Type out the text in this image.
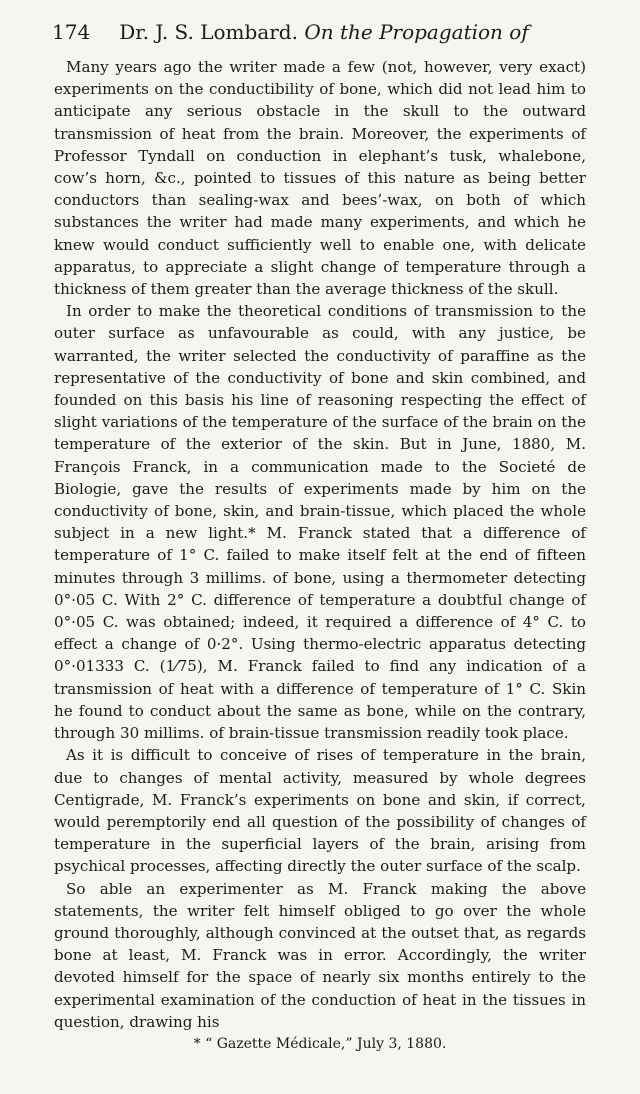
174	Dr. J. S. Lombard. On the Propagation of

Many years ago the writer made a few (not, however, very exact) experiments on the conductibility of bone, which did not lead him to anticipate any serious obstacle in the skull to the outward transmission of heat from the brain. Moreover, the experiments of Professor Tyndall on conduction in elephant’s tusk, whalebone, cow’s horn, &c., pointed to tissues of this nature as being better conductors than sealing-wax and bees’-wax, on both of which substances the writer had made many experiments, and which he knew would conduct sufficiently well to enable one, with delicate apparatus, to appreciate a slight change of temperature through a thickness of them greater than the average thickness of the skull.

In order to make the theoretical conditions of transmission to the outer surface as unfavourable as could, with any justice, be warranted, the writer selected the conductivity of paraffine as the representative of the conductivity of bone and skin combined, and founded on this basis his line of reasoning respecting the effect of slight variations of the temperature of the surface of the brain on the temperature of the exterior of the skin. But in June, 1880, M. François Franck, in a communication made to the Societé de Biologie, gave the results of experiments made by him on the conductivity of bone, skin, and brain-tissue, which placed the whole subject in a new light.* M. Franck stated that a difference of temperature of 1° C. failed to make itself felt at the end of fifteen minutes through 3 millims. of bone, using a thermometer detecting 0°·05 C. With 2° C. difference of temperature a doubtful change of 0°·05 C. was obtained; indeed, it required a difference of 4° C. to effect a change of 0·2°. Using thermo-electric apparatus detecting 0°·01333 C. (1⁄75), M. Franck failed to find any indication of a transmission of heat with a difference of temperature of 1° C. Skin he found to conduct about the same as bone, while on the contrary, through 30 millims. of brain-tissue transmission readily took place.

As it is difficult to conceive of rises of temperature in the brain, due to changes of mental activity, measured by whole degrees Centigrade, M. Franck’s experiments on bone and skin, if correct, would peremptorily end all question of the possibility of changes of temperature in the superficial layers of the brain, arising from psychical processes, affecting directly the outer surface of the scalp.

So able an experimenter as M. Franck making the above statements, the writer felt himself obliged to go over the whole ground thoroughly, although convinced at the outset that, as regards bone at least, M. Franck was in error. Accordingly, the writer devoted himself for the space of nearly six months entirely to the experimental examination of the conduction of heat in the tissues in question, drawing his

* “ Gazette Médicale,” July 3, 1880.
